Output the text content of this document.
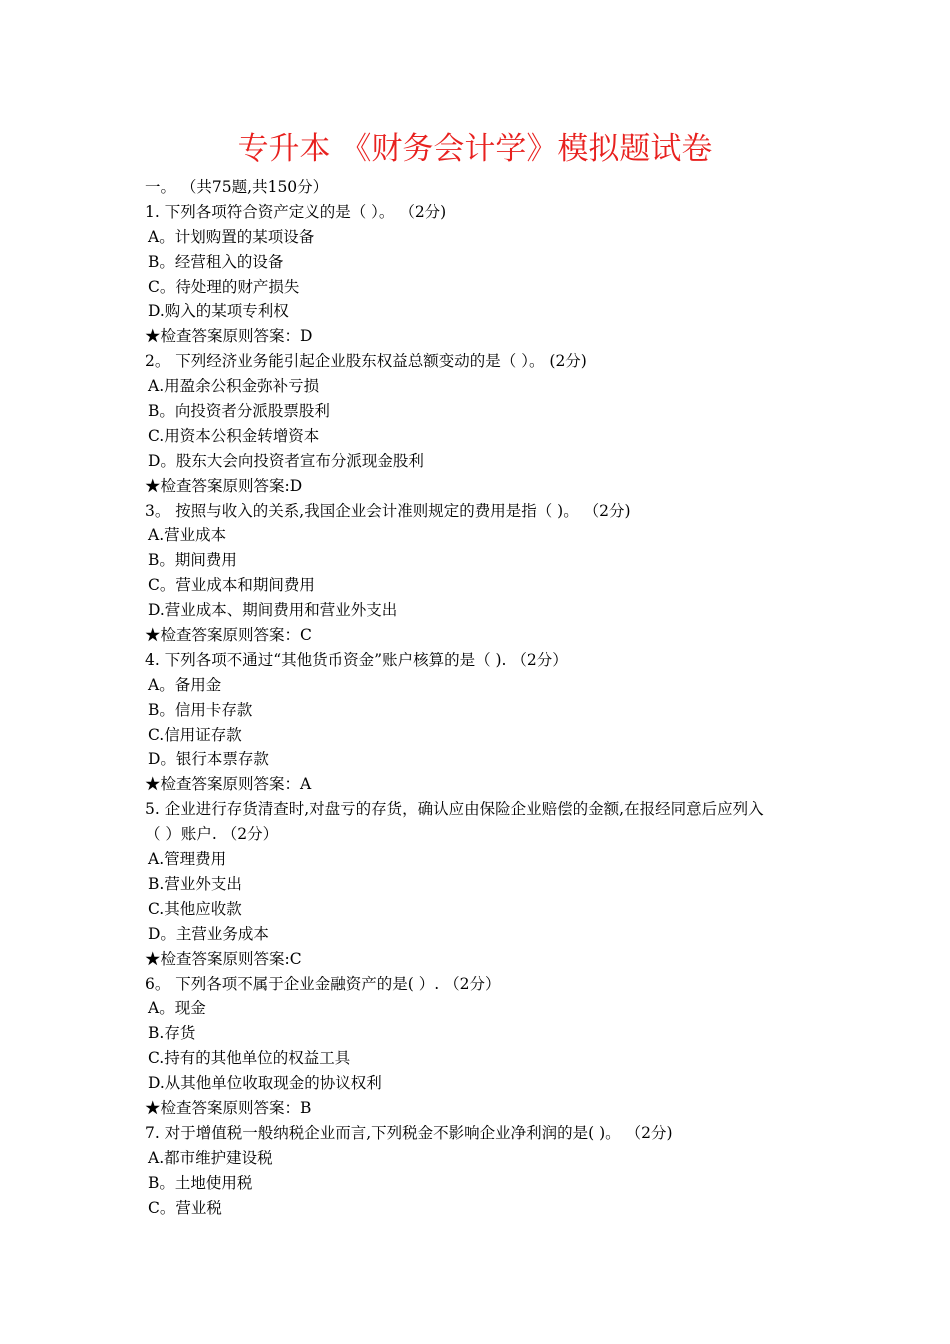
专升本 《财务会计学》模拟题试卷
一。 （共75题,共150分）
1. 下列各项符合资产定义的是（ ）。 （2分)
A。计划购置的某项设备
B。经营租入的设备
C。待处理的财产损失
D.购入的某项专利权
★检查答案原则答案：D
2。 下列经济业务能引起企业股东权益总额变动的是（ ）。 (2分)
A.用盈余公积金弥补亏损
B。向投资者分派股票股利
C.用资本公积金转增资本
D。股东大会向投资者宣布分派现金股利
★检查答案原则答案:D
3。 按照与收入的关系,我国企业会计准则规定的费用是指（ )。 （2分)
A.营业成本
B。期间费用
C。营业成本和期间费用
D.营业成本、期间费用和营业外支出
★检查答案原则答案：C
4. 下列各项不通过“其他货币资金”账户核算的是（ ). （2分）
A。备用金
B。信用卡存款
C.信用证存款
D。银行本票存款
★检查答案原则答案：A
5. 企业进行存货清查时,对盘亏的存货，确认应由保险企业赔偿的金额,在报经同意后应列入
（ ）账户. （2分）
A.管理费用
B.营业外支出
C.其他应收款
D。主营业务成本
★检查答案原则答案:C
6。 下列各项不属于企业金融资产的是( ）. （2分）
A。现金
B.存货
C.持有的其他单位的权益工具
D.从其他单位收取现金的协议权利
★检查答案原则答案：B
7. 对于增值税一般纳税企业而言,下列税金不影响企业净利润的是( )。 （2分)
A.都市维护建设税
B。土地使用税
C。营业税
